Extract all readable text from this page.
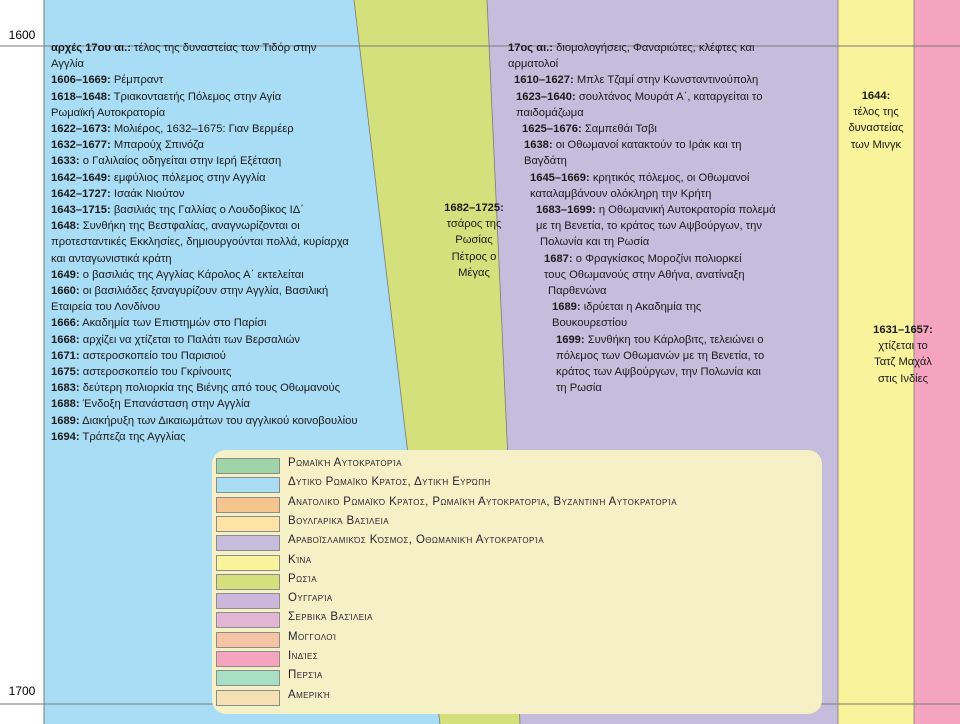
1600
1700
αρχές 17ου αι.: τέλος της δυναστείας των Τιδόρ στην
Αγγλία
1606–1669: Ρέμπραντ
1618–1648: Τριακονταετής Πόλεμος στην Αγία
Ρωμαϊκή Αυτοκρατορία
1622–1673: Μολιέρος, 1632–1675: Γιαν Βερμέερ
1632–1677: Μπαρούχ Σπινόζα
1633: ο Γαλιλαίος οδηγείται στην Ιερή Εξέταση
1642–1649: εμφύλιος πόλεμος στην Αγγλία
1642–1727: Ισαάκ Νιούτον
1643–1715: βασιλιάς της Γαλλίας ο Λουδοβίκος ΙΔ΄
1648: Συνθήκη της Βεστφαλίας, αναγνωρίζονται οι
προτεσταντικές Εκκλησίες, δημιουργούνται πολλά, κυρίαρχα
και ανταγωνιστικά κράτη
1649: ο βασιλιάς της Αγγλίας Κάρολος Α΄ εκτελείται
1660: οι βασιλιάδες ξαναγυρίζουν στην Αγγλία, Βασιλική
Εταιρεία του Λονδίνου
1666: Ακαδημία των Επιστημών στο Παρίσι
1668: αρχίζει να χτίζεται το Παλάτι των Βερσαλιών
1671: αστεροσκοπείο του Παρισιού
1675: αστεροσκοπείο του Γκρίνουιτς
1683: δεύτερη πολιορκία της Βιένης από τους Οθωμανούς
1688: Ένδοξη Επανάσταση στην Αγγλία
1689: Διακήρυξη των Δικαιωμάτων του αγγλικού κοινοβουλίου
1694: Τράπεζα της Αγγλίας
1682–1725:
τσάρος της
Ρωσίας
Πέτρος ο
Μέγας
17ος αι.: διομολογήσεις, Φαναριώτες, κλέφτες και
αρματολοί
1610–1627: Μπλε Τζαμί στην Κωνσταντινούπολη
1623–1640: σουλτάνος Μουράτ Α΄, καταργείται το
παιδομάζωμα
1625–1676: Σαμπεθάι Τσβι
1638: οι Οθωμανοί κατακτούν το Ιράκ και τη
Βαγδάτη
1645–1669: κρητικός πόλεμος, οι Οθωμανοί
καταλαμβάνουν ολόκληρη την Κρήτη
1683–1699: η Οθωμανική Αυτοκρατορία πολεμά
με τη Βενετία, το κράτος των Αψβούργων, την
Πολωνία και τη Ρωσία
1687: ο Φραγκίσκος Μοροζίνι πολιορκεί
τους Οθωμανούς στην Αθήνα, ανατίναξη
Παρθενώνα
1689: ιδρύεται η Ακαδημία της
Βουκουρεστίου
1699: Συνθήκη του Κάρλοβιτς, τελειώνει ο
πόλεμος των Οθωμανών με τη Βενετία, το
κράτος των Αψβούργων, την Πολωνία και
τη Ρωσία
1644:
τέλος της
δυναστείας
των Μινγκ
1631–1657:
χτίζεται το
Τατζ Μαχάλ
στις Ινδίες
Ρωμαϊκή Αυτοκρατορία
Δυτικό Ρωμαϊκό Κράτος, Δυτική Ευρώπη
Ανατολικό Ρωμαϊκό Κράτος, Ρωμαϊκή Αυτοκρατορία, Βυζαντινή Αυτοκρατορία
Βουλγαρικά Βασίλεια
Αραβοϊσλαμικός Κόσμος, Οθωμανική Αυτοκρατορία
Κίνα
Ρωσία
Ουγγαρία
Σερβικά Βασίλεια
Μογγολοί
Ινδίες
Περσία
Αμερική
